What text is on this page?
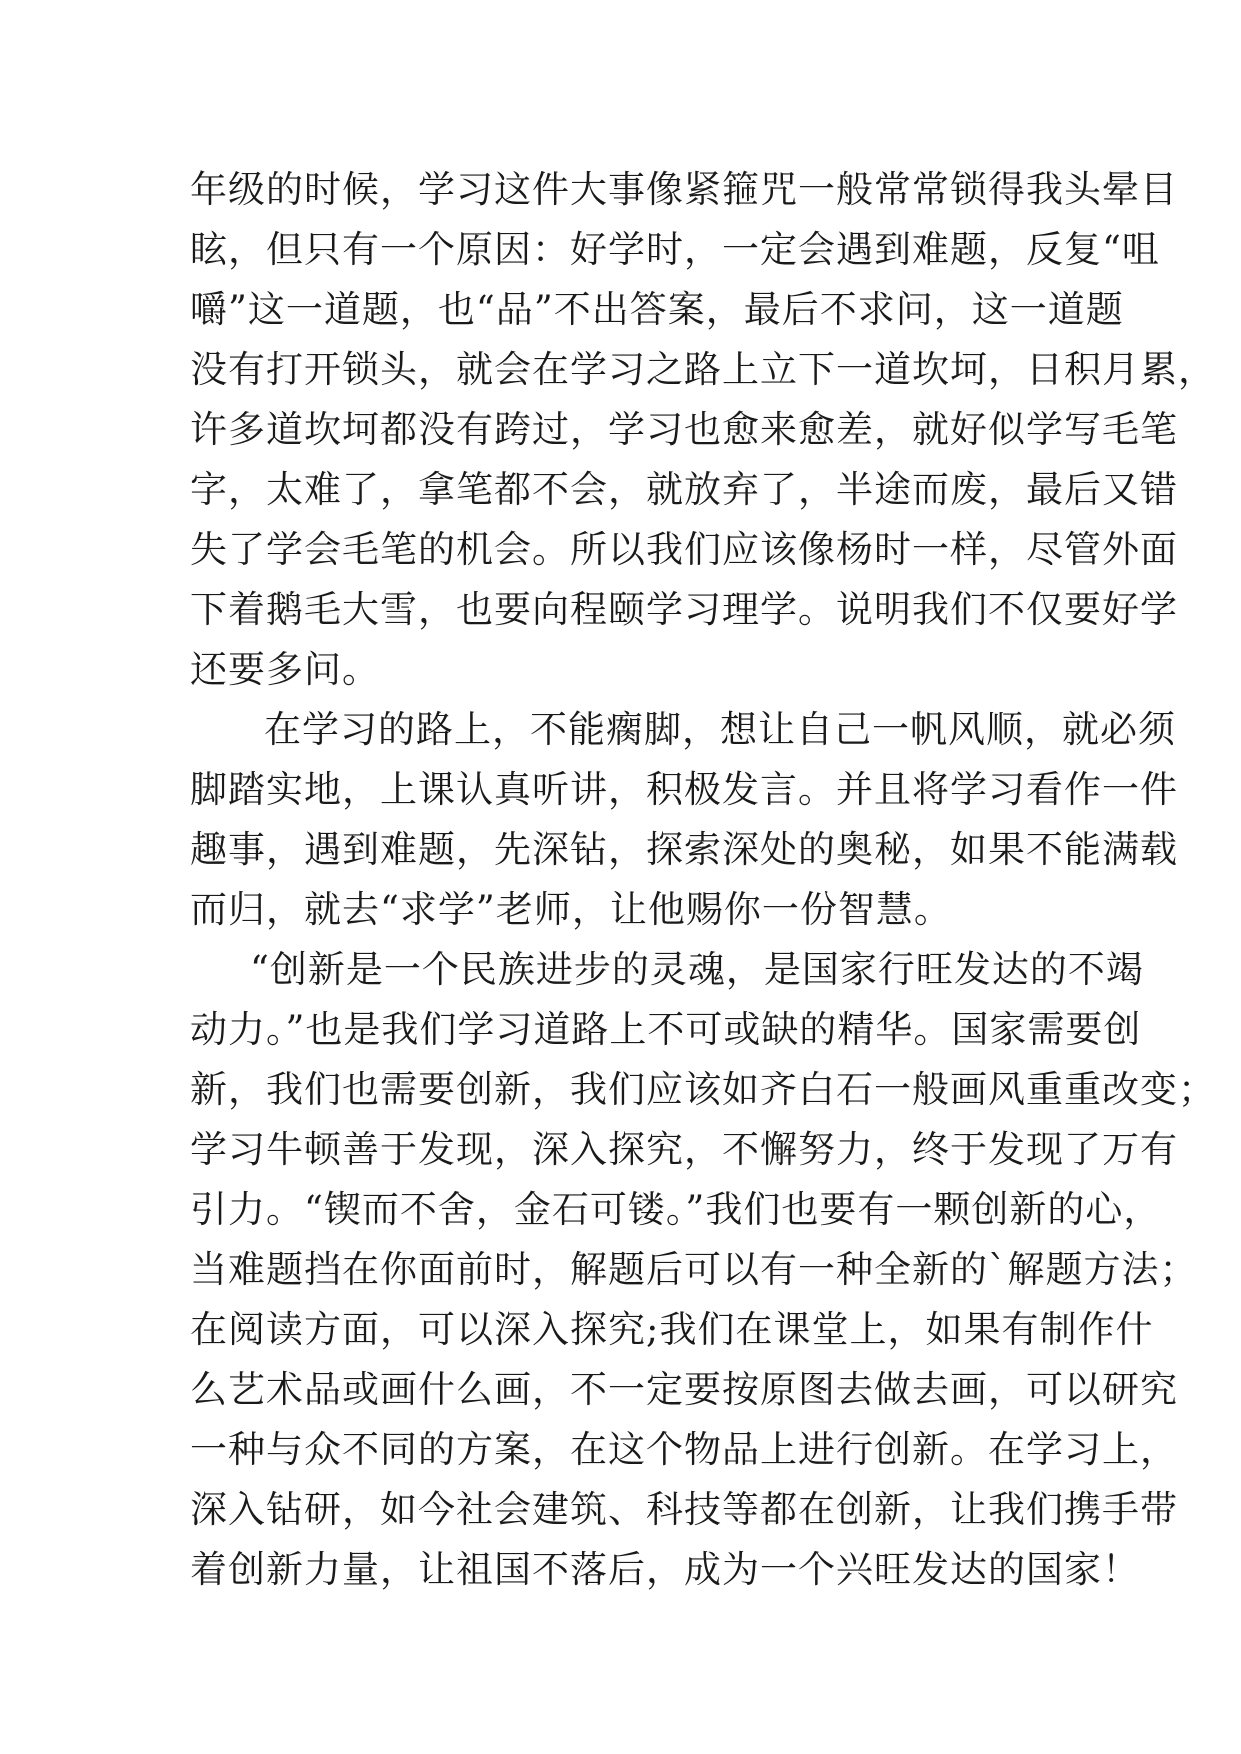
年级的时候，学习这件大事像紧箍咒一般常常锁得我头晕目
眩，但只有一个原因：好学时，一定会遇到难题，反复“咀
嚼”这一道题，也“品”不出答案，最后不求问，这一道题
没有打开锁头，就会在学习之路上立下一道坎坷，日积月累，
许多道坎坷都没有跨过，学习也愈来愈差，就好似学写毛笔
字，太难了，拿笔都不会，就放弃了，半途而废，最后又错
失了学会毛笔的机会。所以我们应该像杨时一样，尽管外面
下着鹅毛大雪，也要向程颐学习理学。说明我们不仅要好学
还要多问。
在学习的路上，不能瘸脚，想让自己一帆风顺，就必须
脚踏实地，上课认真听讲，积极发言。并且将学习看作一件
趣事，遇到难题，先深钻，探索深处的奥秘，如果不能满载
而归，就去“求学”老师，让他赐你一份智慧。
“创新是一个民族进步的灵魂，是国家行旺发达的不竭
动力。”也是我们学习道路上不可或缺的精华。国家需要创
新，我们也需要创新，我们应该如齐白石一般画风重重改变；
学习牛顿善于发现，深入探究，不懈努力，终于发现了万有
引力。“锲而不舍，金石可镂。”我们也要有一颗创新的心，
当难题挡在你面前时，解题后可以有一种全新的`解题方法；
在阅读方面，可以深入探究;我们在课堂上，如果有制作什
么艺术品或画什么画，不一定要按原图去做去画，可以研究
一种与众不同的方案，在这个物品上进行创新。在学习上，
深入钻研，如今社会建筑、科技等都在创新，让我们携手带
着创新力量，让祖国不落后，成为一个兴旺发达的国家！
